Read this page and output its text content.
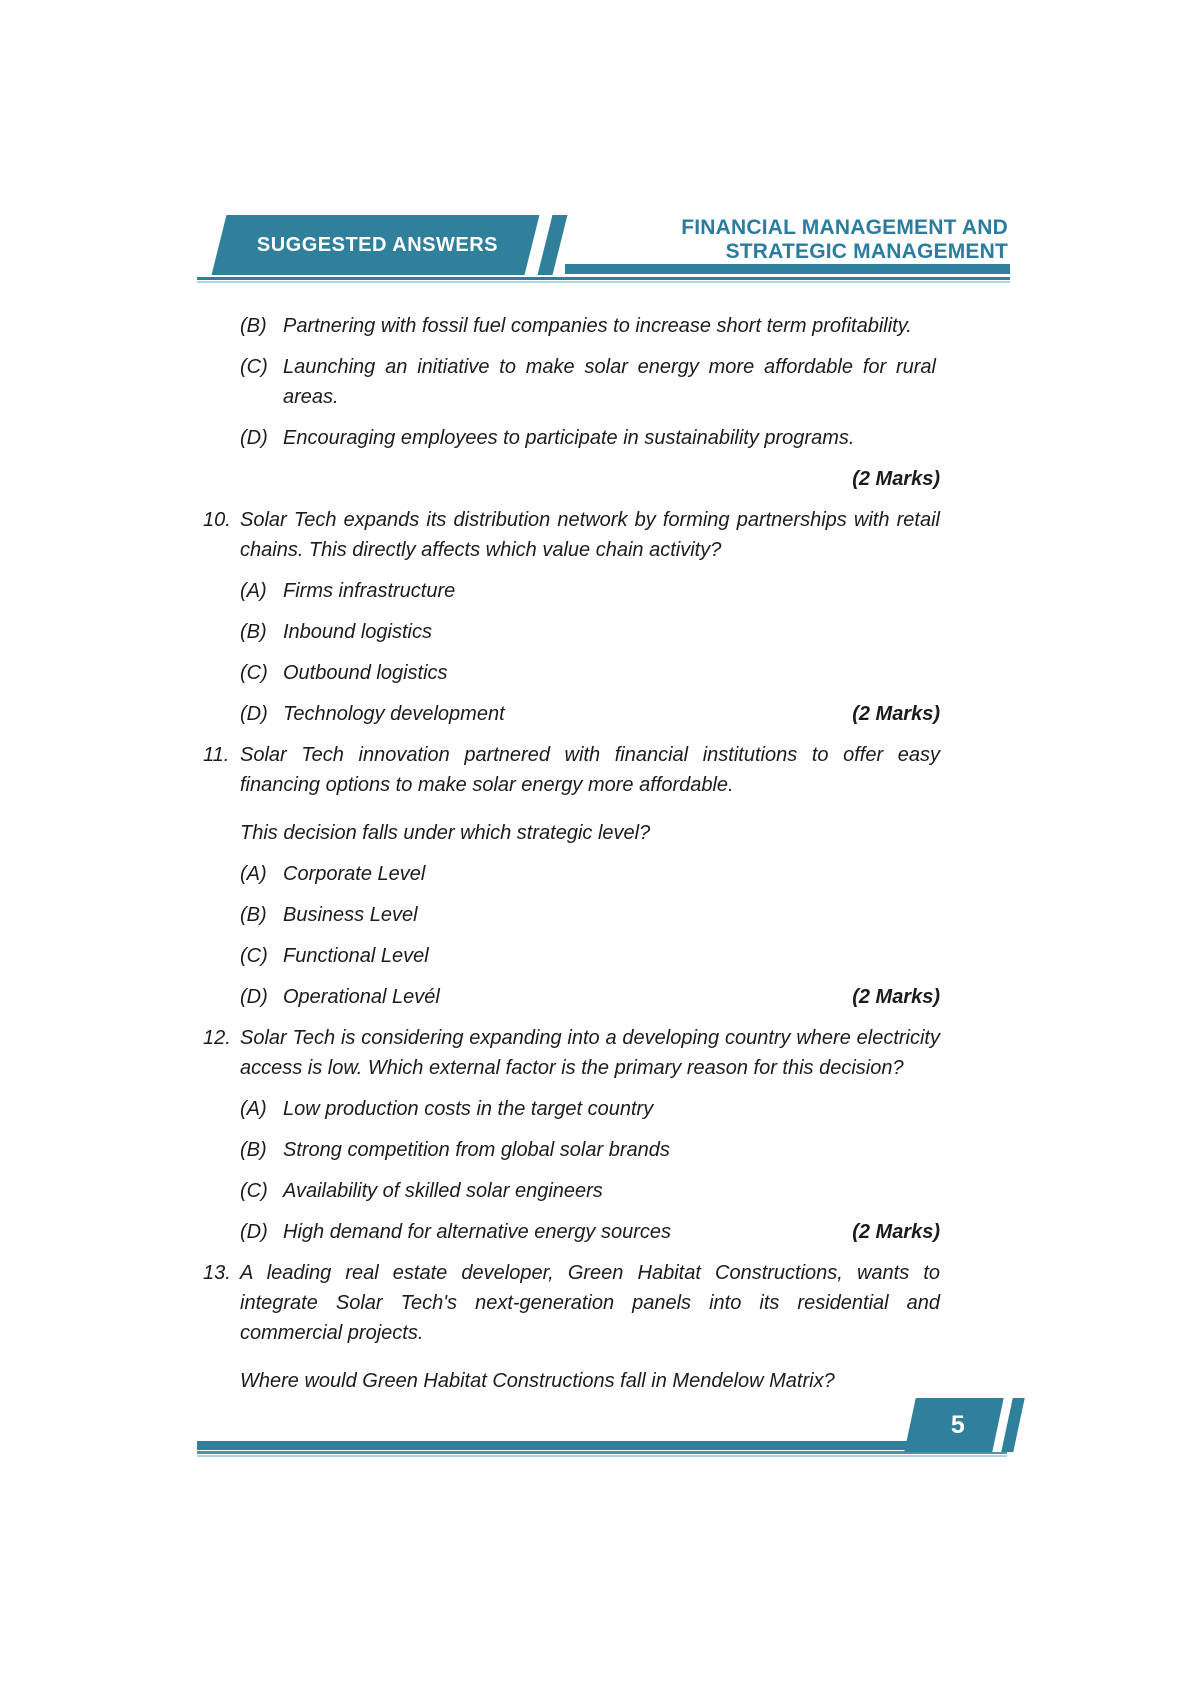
SUGGESTED ANSWERS
FINANCIAL MANAGEMENT AND
STRATEGIC MANAGEMENT
(B) Partnering with fossil fuel companies to increase short term profitability.
(C) Launching an initiative to make solar energy more affordable for rural areas.
(D) Encouraging employees to participate in sustainability programs.
(2 Marks)
10. Solar Tech expands its distribution network by forming partnerships with retail chains. This directly affects which value chain activity?
(A) Firms infrastructure
(B) Inbound logistics
(C) Outbound logistics
(D) Technology development	(2 Marks)
11. Solar Tech innovation partnered with financial institutions to offer easy financing options to make solar energy more affordable.
This decision falls under which strategic level?
(A) Corporate Level
(B) Business Level
(C) Functional Level
(D) Operational Levél	(2 Marks)
12. Solar Tech is considering expanding into a developing country where electricity access is low. Which external factor is the primary reason for this decision?
(A) Low production costs in the target country
(B) Strong competition from global solar brands
(C) Availability of skilled solar engineers
(D) High demand for alternative energy sources	(2 Marks)
13. A leading real estate developer, Green Habitat Constructions, wants to integrate Solar Tech's next-generation panels into its residential and commercial projects.
Where would Green Habitat Constructions fall in Mendelow Matrix?
5
